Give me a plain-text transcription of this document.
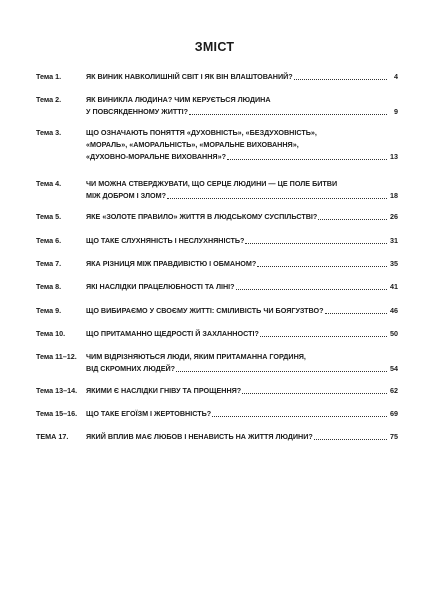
ЗМІСТ
Тема 1.	ЯК ВИНИК НАВКОЛИШНІЙ СВІТ І ЯК ВІН ВЛАШТОВАНИЙ?	4
Тема 2.	ЯК ВИНИКЛА ЛЮДИНА? ЧИМ КЕРУЄТЬСЯ ЛЮДИНА
У ПОВСЯКДЕННОМУ ЖИТТІ?	9
Тема 3.	ЩО ОЗНАЧАЮТЬ ПОНЯТТЯ «ДУХОВНІСТЬ», «БЕЗДУХОВНІСТЬ»,
«МОРАЛЬ», «АМОРАЛЬНІСТЬ», «МОРАЛЬНЕ ВИХОВАННЯ»,
«ДУХОВНО-МОРАЛЬНЕ ВИХОВАННЯ»?	13
Тема 4.	ЧИ МОЖНА СТВЕРДЖУВАТИ, ЩО СЕРЦЕ ЛЮДИНИ — ЦЕ ПОЛЕ БИТВИ
МІЖ ДОБРОМ І ЗЛОМ?	18
Тема 5.	ЯКЕ «ЗОЛОТЕ ПРАВИЛО» ЖИТТЯ В ЛЮДСЬКОМУ СУСПІЛЬСТВІ?	26
Тема 6.	ЩО ТАКЕ СЛУХНЯНІСТЬ І НЕСЛУХНЯНІСТЬ?	31
Тема 7.	ЯКА РІЗНИЦЯ МІЖ ПРАВДИВІСТЮ І ОБМАНОМ?	35
Тема 8.	ЯКІ НАСЛІДКИ ПРАЦЕЛЮБНОСТІ ТА ЛІНІ?	41
Тема 9.	ЩО ВИБИРАЄМО У СВОЄМУ ЖИТТІ: СМІЛИВІСТЬ ЧИ БОЯГУЗТВО?	46
Тема 10.	ЩО ПРИТАМАННО ЩЕДРОСТІ Й ЗАХЛАННОСТІ?	50
Тема 11–12.	ЧИМ ВІДРІЗНЯЮТЬСЯ ЛЮДИ, ЯКИМ ПРИТАМАННА ГОРДИНЯ,
ВІД СКРОМНИХ ЛЮДЕЙ?	54
Тема 13–14.	ЯКИМИ Є НАСЛІДКИ ГНІВУ ТА ПРОЩЕННЯ?	62
Тема 15–16.	ЩО ТАКЕ ЕГОЇЗМ І ЖЕРТОВНІСТЬ?	69
ТЕМА 17.	ЯКИЙ ВПЛИВ МАЄ ЛЮБОВ І НЕНАВИСТЬ НА ЖИТТЯ ЛЮДИНИ?	75
